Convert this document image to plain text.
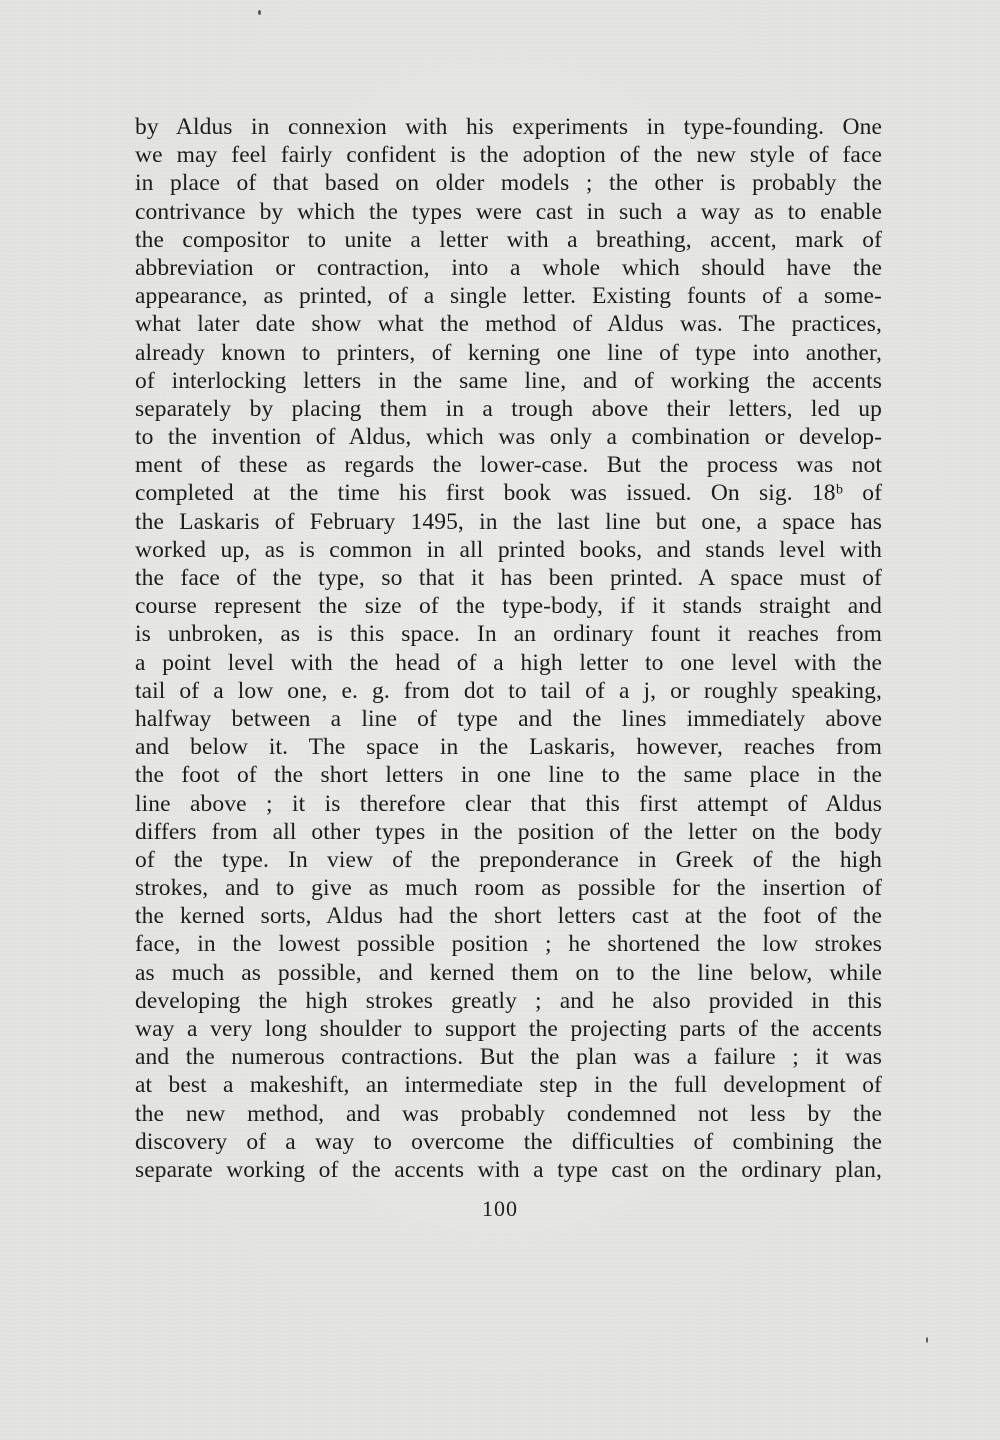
by Aldus in connexion with his experiments in type-founding. One
we may feel fairly confident is the adoption of the new style of face
in place of that based on older models ; the other is probably the
contrivance by which the types were cast in such a way as to enable
the compositor to unite a letter with a breathing, accent, mark of
abbreviation or contraction, into a whole which should have the
appearance, as printed, of a single letter. Existing founts of a some-
what later date show what the method of Aldus was. The practices,
already known to printers, of kerning one line of type into another,
of interlocking letters in the same line, and of working the accents
separately by placing them in a trough above their letters, led up
to the invention of Aldus, which was only a combination or develop-
ment of these as regards the lower-case. But the process was not
completed at the time his first book was issued. On sig. 18ᵇ of
the Laskaris of February 1495, in the last line but one, a space has
worked up, as is common in all printed books, and stands level with
the face of the type, so that it has been printed. A space must of
course represent the size of the type-body, if it stands straight and
is unbroken, as is this space. In an ordinary fount it reaches from
a point level with the head of a high letter to one level with the
tail of a low one, e. g. from dot to tail of a j, or roughly speaking,
halfway between a line of type and the lines immediately above
and below it. The space in the Laskaris, however, reaches from
the foot of the short letters in one line to the same place in the
line above ; it is therefore clear that this first attempt of Aldus
differs from all other types in the position of the letter on the body
of the type. In view of the preponderance in Greek of the high
strokes, and to give as much room as possible for the insertion of
the kerned sorts, Aldus had the short letters cast at the foot of the
face, in the lowest possible position ; he shortened the low strokes
as much as possible, and kerned them on to the line below, while
developing the high strokes greatly ; and he also provided in this
way a very long shoulder to support the projecting parts of the accents
and the numerous contractions. But the plan was a failure ; it was
at best a makeshift, an intermediate step in the full development of
the new method, and was probably condemned not less by the
discovery of a way to overcome the difficulties of combining the
separate working of the accents with a type cast on the ordinary plan,
100
